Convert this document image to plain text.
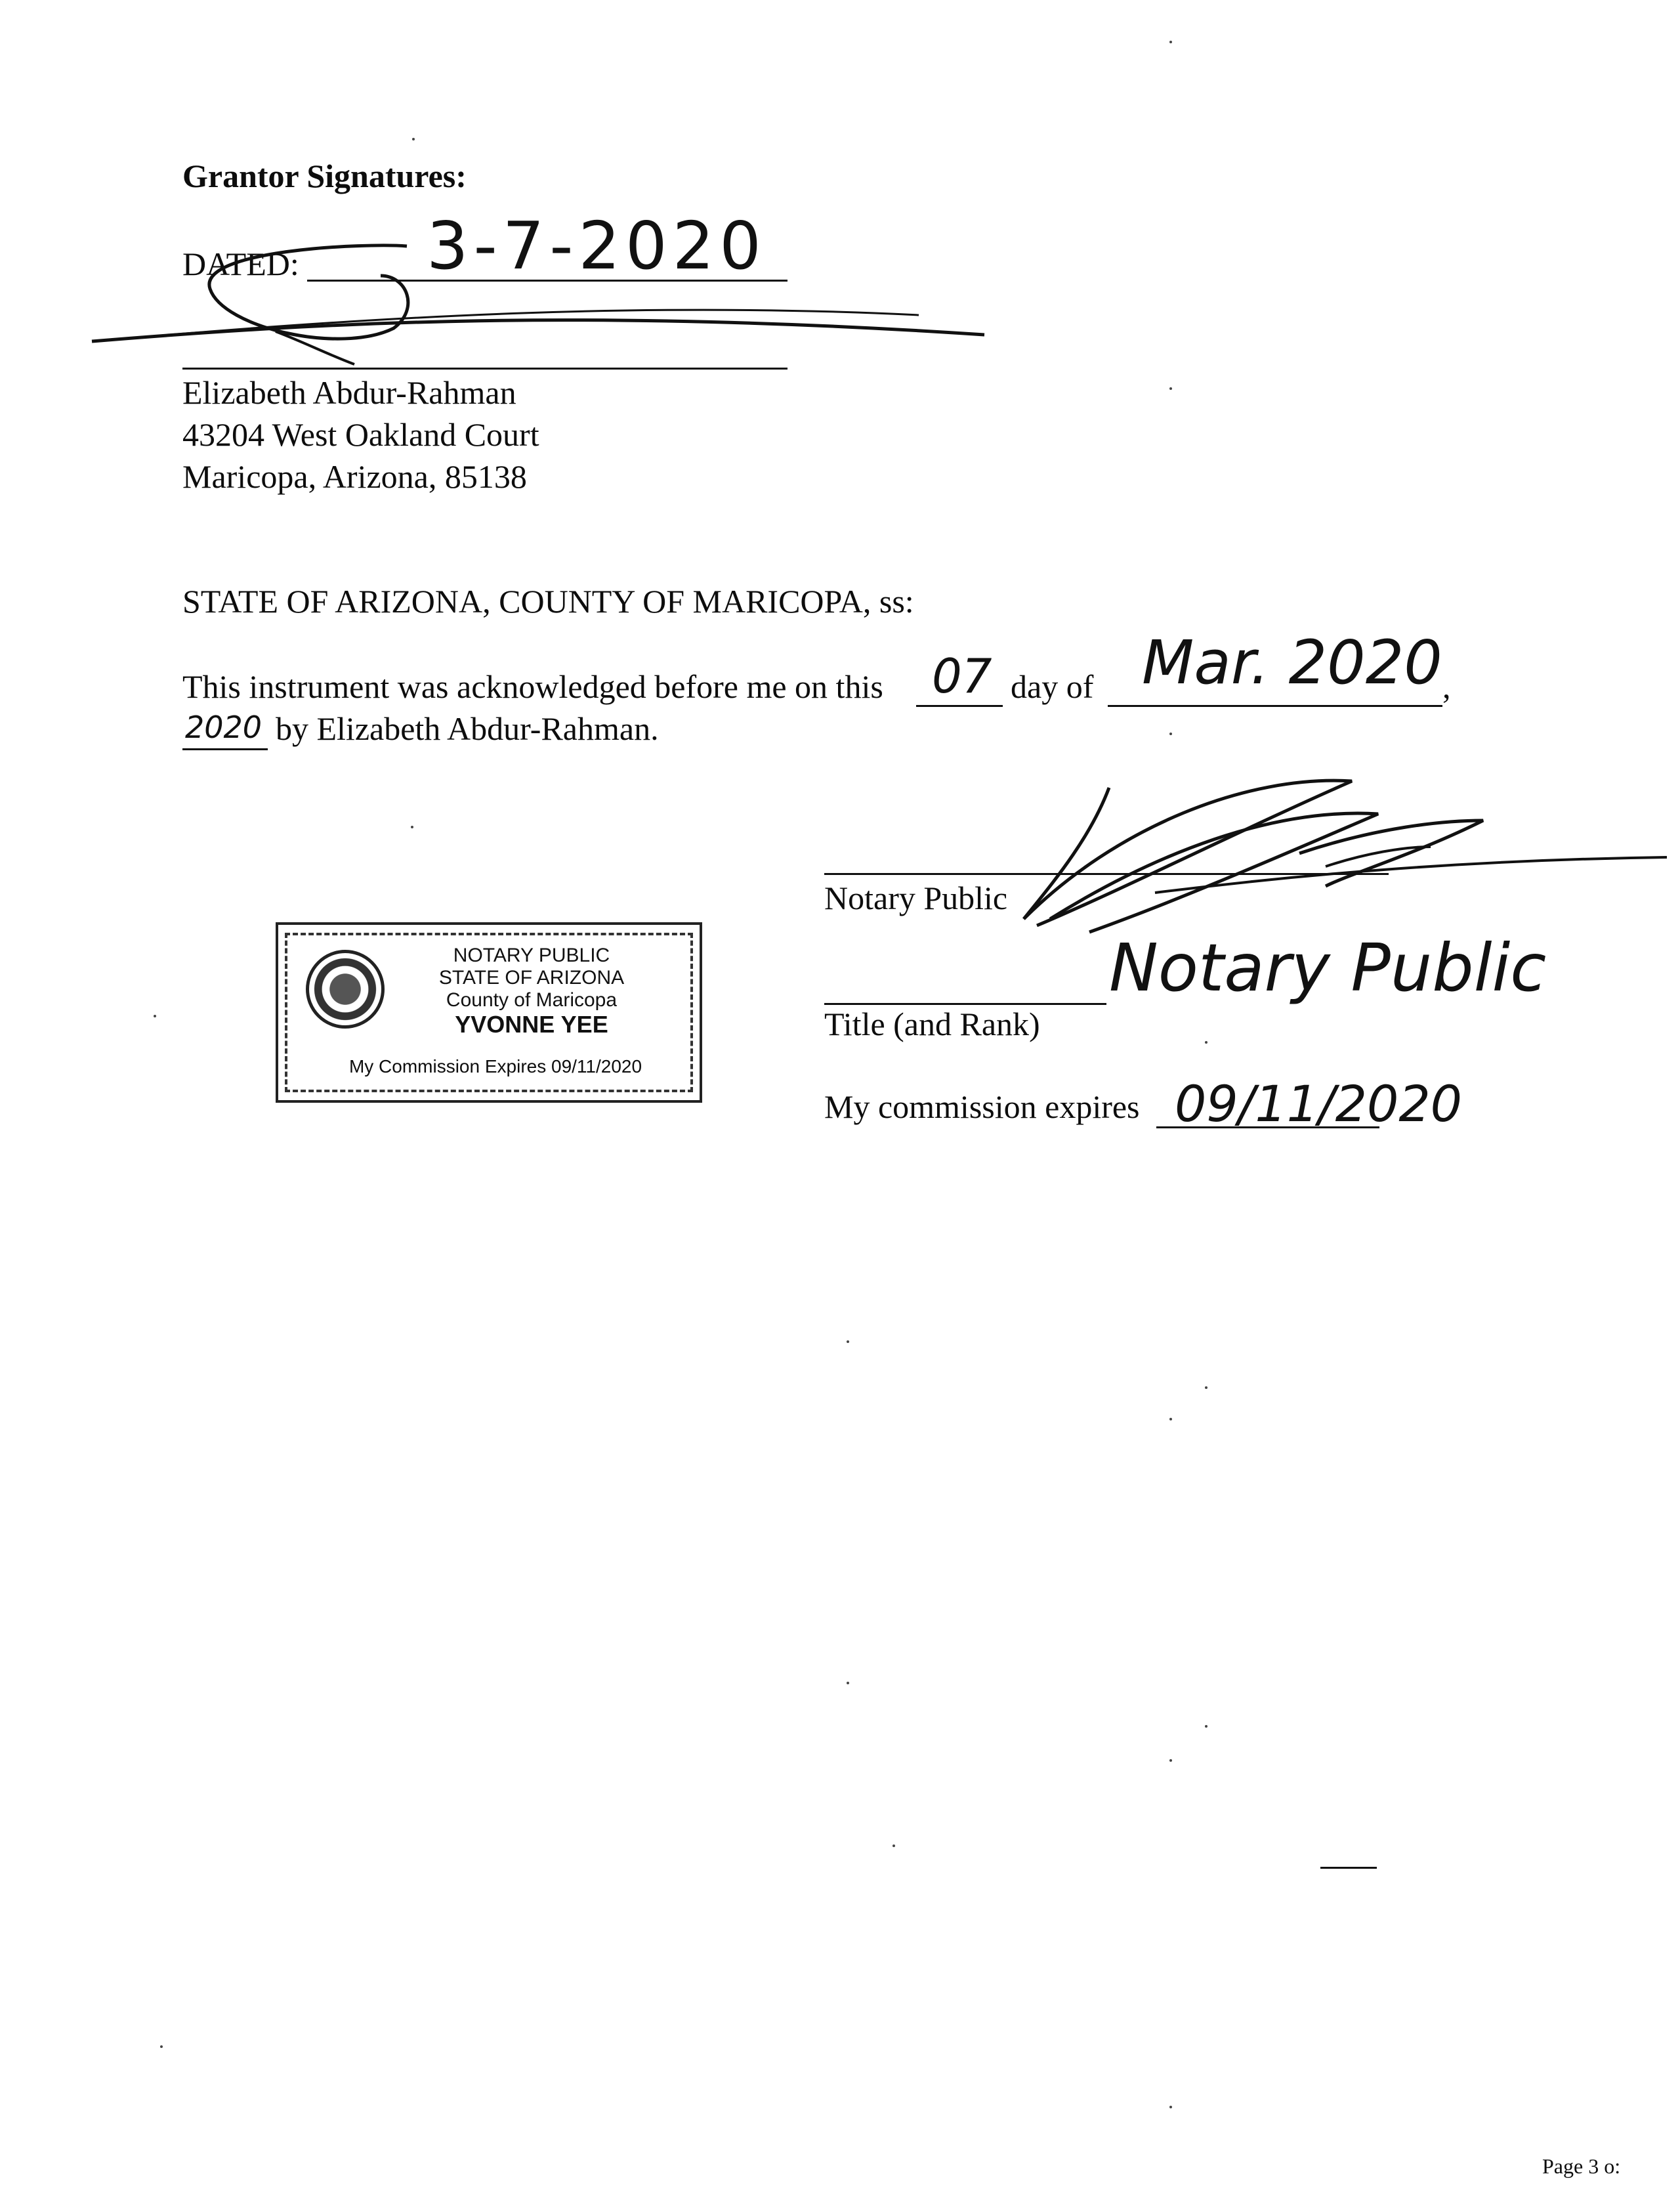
Grantor Signatures:
DATED: 3-7-2020
Elizabeth Abdur-Rahman
43204 West Oakland Court
Maricopa, Arizona, 85138
STATE OF ARIZONA, COUNTY OF MARICOPA, ss:
This instrument was acknowledged before me on this 07 day of Mar. 2020 ,
2020 by Elizabeth Abdur-Rahman.
Notary Public
Notary Public
Title (and Rank)
My commission expires 09/11/2020
NOTARY PUBLIC
STATE OF ARIZONA
County of Maricopa
YVONNE YEE
My Commission Expires 09/11/2020
Page 3 o:
